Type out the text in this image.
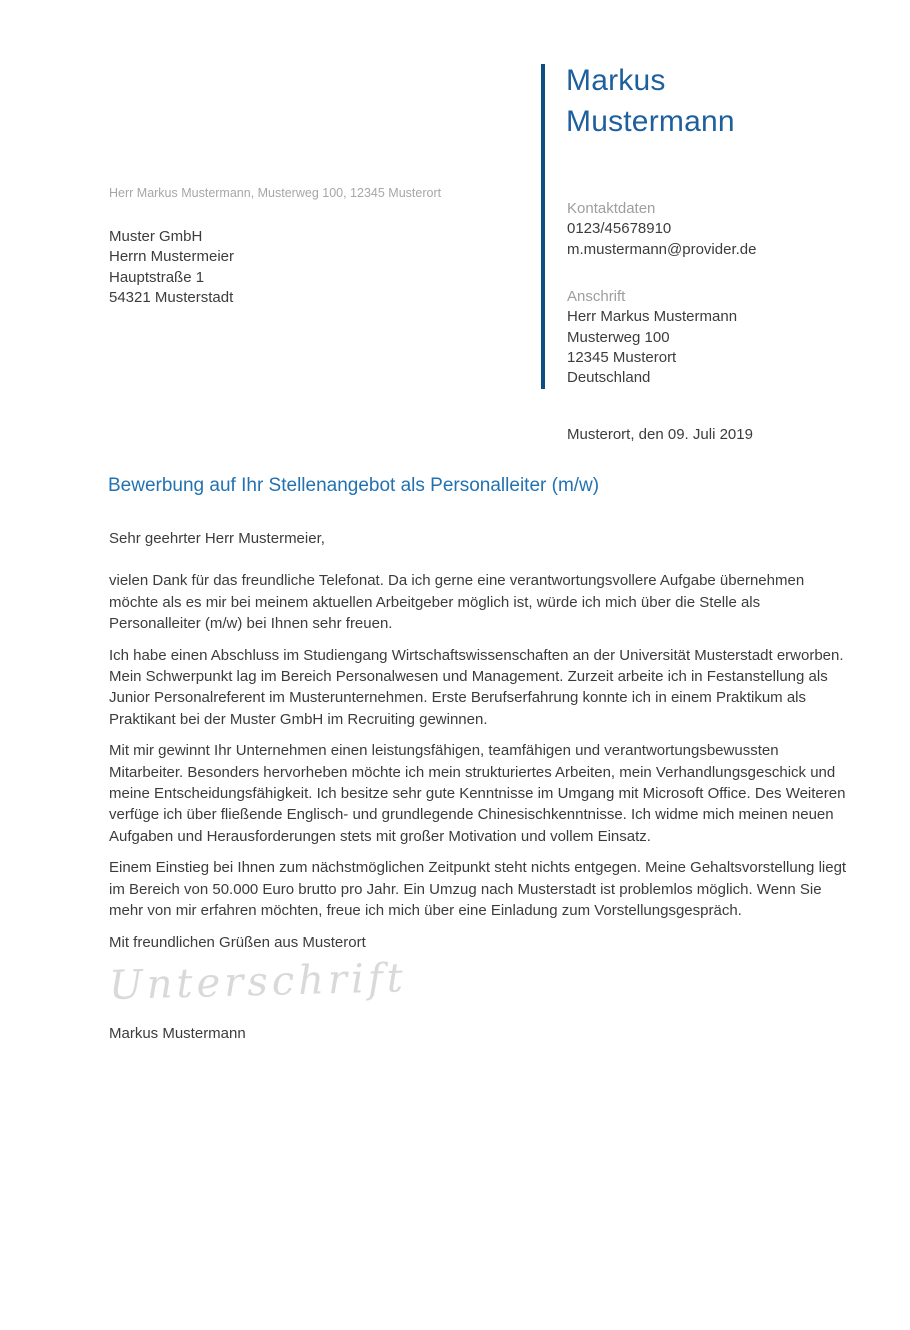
Markus
Mustermann
Herr Markus Mustermann, Musterweg 100, 12345 Musterort
Muster GmbH
Herrn Mustermeier
Hauptstraße 1
54321 Musterstadt
Kontaktdaten
0123/45678910
m.mustermann@provider.de
Anschrift
Herr Markus Mustermann
Musterweg 100
12345 Musterort
Deutschland
Musterort, den 09. Juli 2019
Bewerbung auf Ihr Stellenangebot als Personalleiter (m/w)

Sehr geehrter Herr Mustermeier,

vielen Dank für das freundliche Telefonat. Da ich gerne eine verantwortungsvollere Aufgabe übernehmen möchte als es mir bei meinem aktuellen Arbeitgeber möglich ist, würde ich mich über die Stelle als Personalleiter (m/w) bei Ihnen sehr freuen.

Ich habe einen Abschluss im Studiengang Wirtschaftswissenschaften an der Universität Musterstadt erworben. Mein Schwerpunkt lag im Bereich Personalwesen und Management. Zurzeit arbeite ich in Festanstellung als Junior Personalreferent im Musterunternehmen. Erste Berufserfahrung konnte ich in einem Praktikum als Praktikant bei der Muster GmbH im Recruiting gewinnen.

Mit mir gewinnt Ihr Unternehmen einen leistungsfähigen, teamfähigen und verantwortungsbewussten Mitarbeiter. Besonders hervorheben möchte ich mein strukturiertes Arbeiten, mein Verhandlungsgeschick und meine Entscheidungsfähigkeit. Ich besitze sehr gute Kenntnisse im Umgang mit Microsoft Office. Des Weiteren verfüge ich über fließende Englisch- und grundlegende Chinesischkenntnisse. Ich widme mich meinen neuen Aufgaben und Herausforderungen stets mit großer Motivation und vollem Einsatz.

Einem Einstieg bei Ihnen zum nächstmöglichen Zeitpunkt steht nichts entgegen. Meine Gehaltsvorstellung liegt im Bereich von 50.000 Euro brutto pro Jahr. Ein Umzug nach Musterstadt ist problemlos möglich. Wenn Sie mehr von mir erfahren möchten, freue ich mich über eine Einladung zum Vorstellungsgespräch.

Mit freundlichen Grüßen aus Musterort

Unterschrift
Markus Mustermann
